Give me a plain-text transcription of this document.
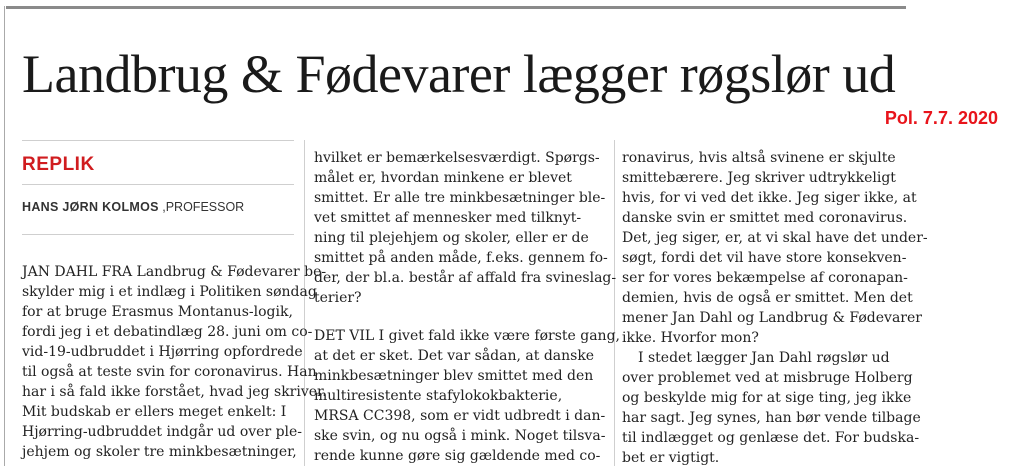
Landbrug & Fødevarer lægger røgslør ud
Pol. 7.7. 2020
REPLIK
HANS JØRN KOLMOS ,PROFESSOR

JAN DAHL FRA Landbrug & Fødevarer be-
skylder mig i et indlæg i Politiken søndag
for at bruge Erasmus Montanus-logik,
fordi jeg i et debatindlæg 28. juni om co-
vid-19-udbruddet i Hjørring opfordrede
til også at teste svin for coronavirus. Han
har i så fald ikke forstået, hvad jeg skriver.
Mit budskab er ellers meget enkelt: I
Hjørring-udbruddet indgår ud over ple-
jehjem og skoler tre minkbesætninger,

hvilket er bemærkelsesværdigt. Spørgs-
målet er, hvordan minkene er blevet
smittet. Er alle tre minkbesætninger ble-
vet smittet af mennesker med tilknyt-
ning til plejehjem og skoler, eller er de
smittet på anden måde, f.eks. gennem fo-
der, der bl.a. består af affald fra svineslag-
terier?

DET VIL I givet fald ikke være første gang,
at det er sket. Det var sådan, at danske
minkbesætninger blev smittet med den
multiresistente stafylokokbakterie,
MRSA CC398, som er vidt udbredt i dan-
ske svin, og nu også i mink. Noget tilsva-
rende kunne gøre sig gældende med co-

ronavirus, hvis altså svinene er skjulte
smittebærere. Jeg skriver udtrykkeligt
hvis, for vi ved det ikke. Jeg siger ikke, at
danske svin er smittet med coronavirus.
Det, jeg siger, er, at vi skal have det under-
søgt, fordi det vil have store konsekven-
ser for vores bekæmpelse af coronapan-
demien, hvis de også er smittet. Men det
mener Jan Dahl og Landbrug & Fødevarer
ikke. Hvorfor mon?
I stedet lægger Jan Dahl røgslør ud
over problemet ved at misbruge Holberg
og beskylde mig for at sige ting, jeg ikke
har sagt. Jeg synes, han bør vende tilbage
til indlægget og genlæse det. For budska-
bet er vigtigt.
